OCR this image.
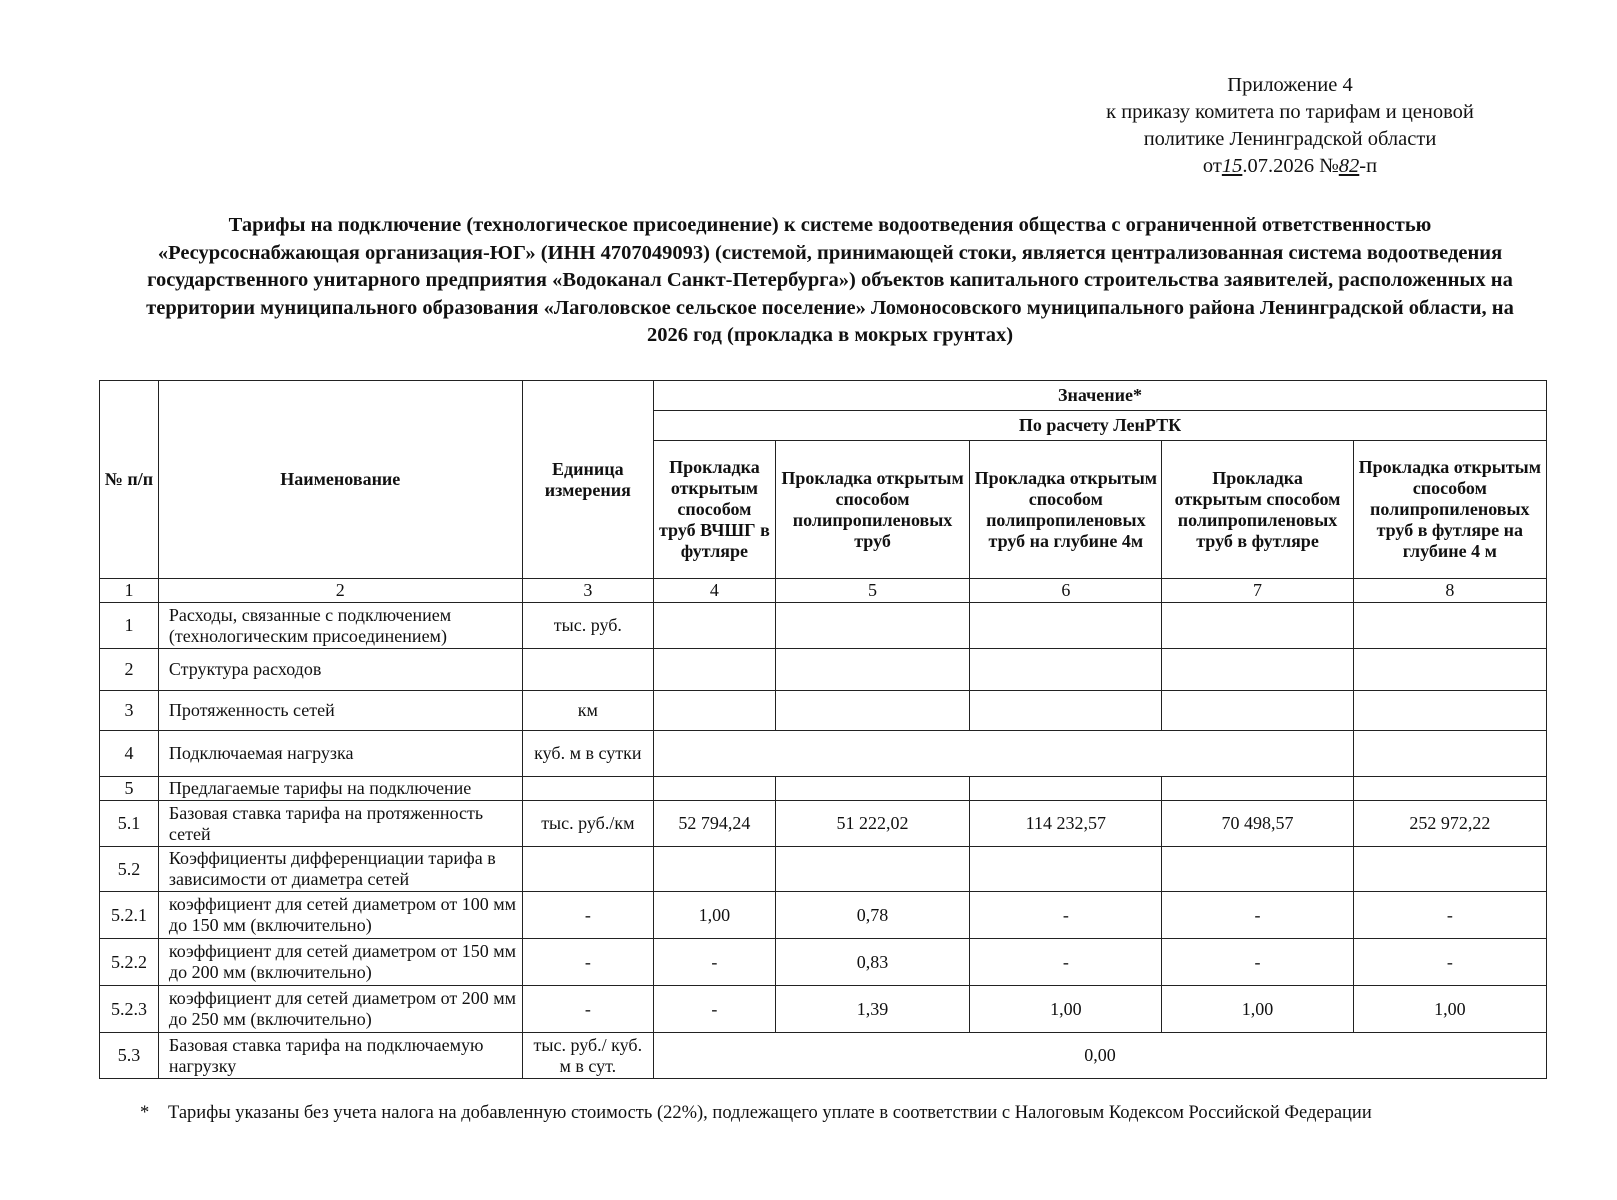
Приложение 4
к приказу комитета по тарифам и ценовой
политике Ленинградской области
от15.07.2026 №82-п
Тарифы на подключение (технологическое присоединение) к системе водоотведения общества с ограниченной ответственностью «Ресурсоснабжающая организация-ЮГ» (ИНН 4707049093) (системой, принимающей стоки, является централизованная система водоотведения государственного унитарного предприятия «Водоканал Санкт-Петербурга») объектов капитального строительства заявителей, расположенных на территории муниципального образования «Лаголовское сельское поселение» Ломоносовского муниципального района Ленинградской области, на 2026 год (прокладка в мокрых грунтах)
№ п/п	Наименование	Единица измерения	Значение*				
			По расчету ЛенРТК				
			Прокладка открытым способом труб ВЧШГ в футляре	Прокладка открытым способом полипропиленовых труб	Прокладка открытым способом полипропиленовых труб на глубине 4м	Прокладка открытым способом полипропиленовых труб в футляре	Прокладка открытым способом полипропиленовых труб в футляре на глубине 4 м
1	2	3	4	5	6	7	8
1	Расходы, связанные с подключением (технологическим присоединением)	тыс. руб.					
2	Структура расходов						
3	Протяженность сетей	км					
4	Подключаемая нагрузка	куб. м в сутки					
5	Предлагаемые тарифы на подключение						
5.1	Базовая ставка тарифа на протяженность сетей	тыс. руб./км	52 794,24	51 222,02	114 232,57	70 498,57	252 972,22
5.2	Коэффициенты дифференциации тарифа в зависимости от диаметра сетей						
5.2.1	коэффициент для сетей диаметром от 100 мм до 150 мм (включительно)	-	1,00	0,78	-	-	-
5.2.2	коэффициент для сетей диаметром от 150 мм до 200 мм (включительно)	-	-	0,83	-	-	-
5.2.3	коэффициент для сетей диаметром от 200 мм до 250 мм (включительно)	-	-	1,39	1,00	1,00	1,00
5.3	Базовая ставка тарифа на подключаемую нагрузку	тыс. руб./ куб. м в сут.	0,00				
* Тарифы указаны без учета налога на добавленную стоимость (22%), подлежащего уплате в соответствии с Налоговым Кодексом Российской Федерации
